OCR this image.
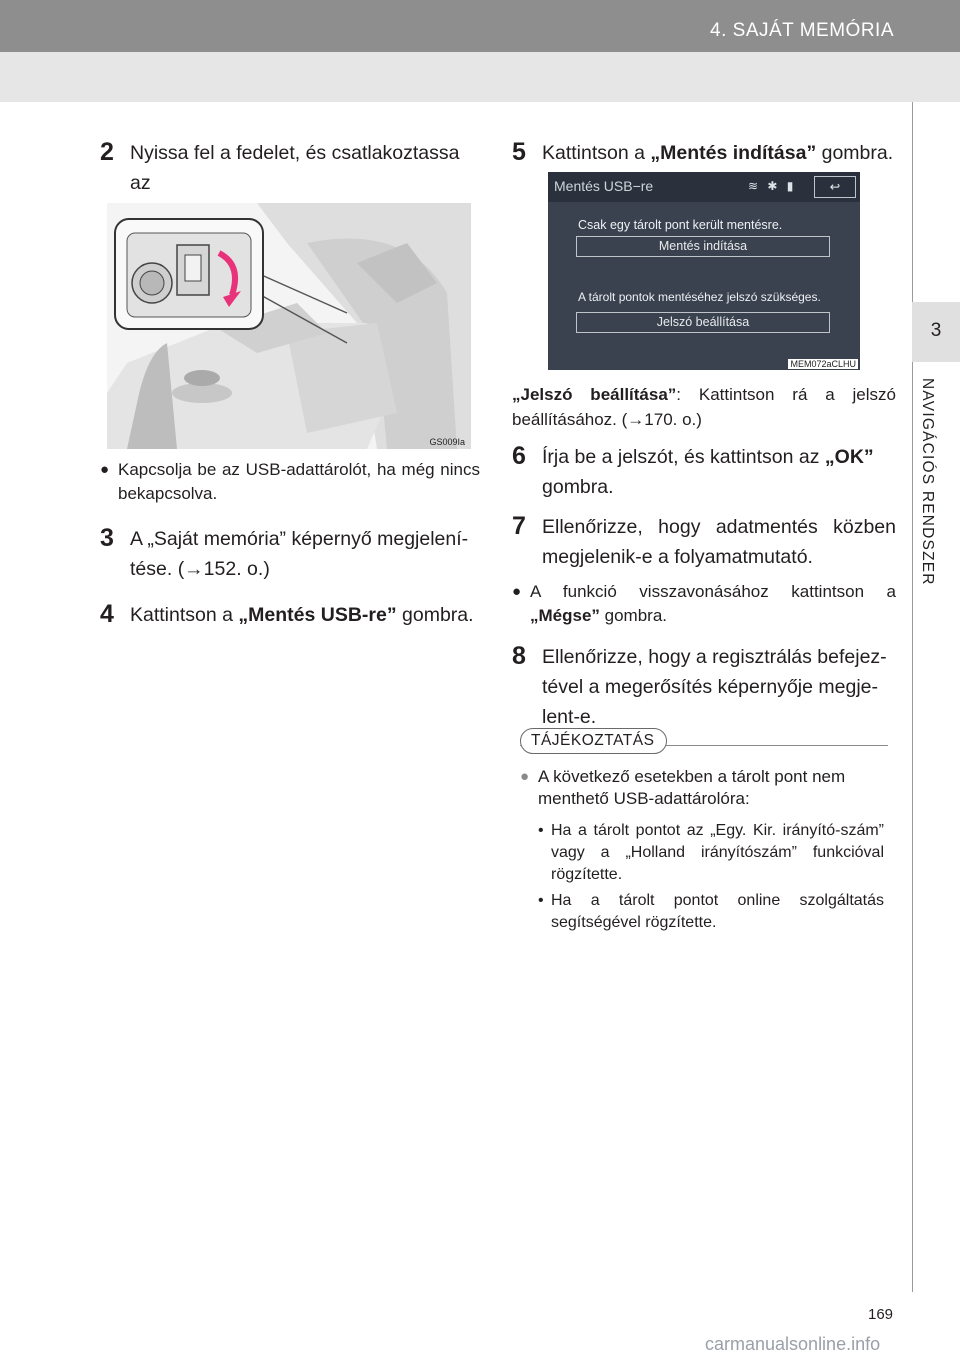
4. SAJÁT MEMÓRIA
3
NAVIGÁCIÓS RENDSZER
2 Nyissa fel a fedelet, és csatlakoztassa az

GS009Ia
● Kapcsolja be az USB-adattárolót, ha még nincs bekapcsolva.
3 A „Saját memória” képernyő megjelení-
tése. (→152. o.)
4 Kattintson a „Mentés USB-re” gombra.
5 Kattintson a „Mentés indítása” gombra.
Mentés USB−re	≋ ✱ ▮	↩
Csak egy tárolt pont került mentésre.
Mentés indítása
A tárolt pontok mentéséhez jelszó szükséges.
Jelszó beállítása
MEM072aCLHU
„Jelszó beállítása”: Kattintson rá a jelszó beállításához. (→170. o.)
6 Írja be a jelszót, és kattintson az „OK” gombra.
7 Ellenőrizze, hogy adatmentés közben megjelenik-e a folyamatmutató.
● A funkció visszavonásához kattintson a „Mégse” gombra.
8 Ellenőrizze, hogy a regisztrálás befejez-
tével a megerősítés képernyője megje-
lent-e.
TÁJÉKOZTATÁS
● A következő esetekben a tárolt pont nem
menthető USB-adattárolóra:
• Ha a tárolt pontot az „Egy. Kir. irányító-szám” vagy a „Holland irányítószám” funkcióval rögzítette.
• Ha a tárolt pontot online szolgáltatás segítségével rögzítette.
169
carmanualsonline.info
